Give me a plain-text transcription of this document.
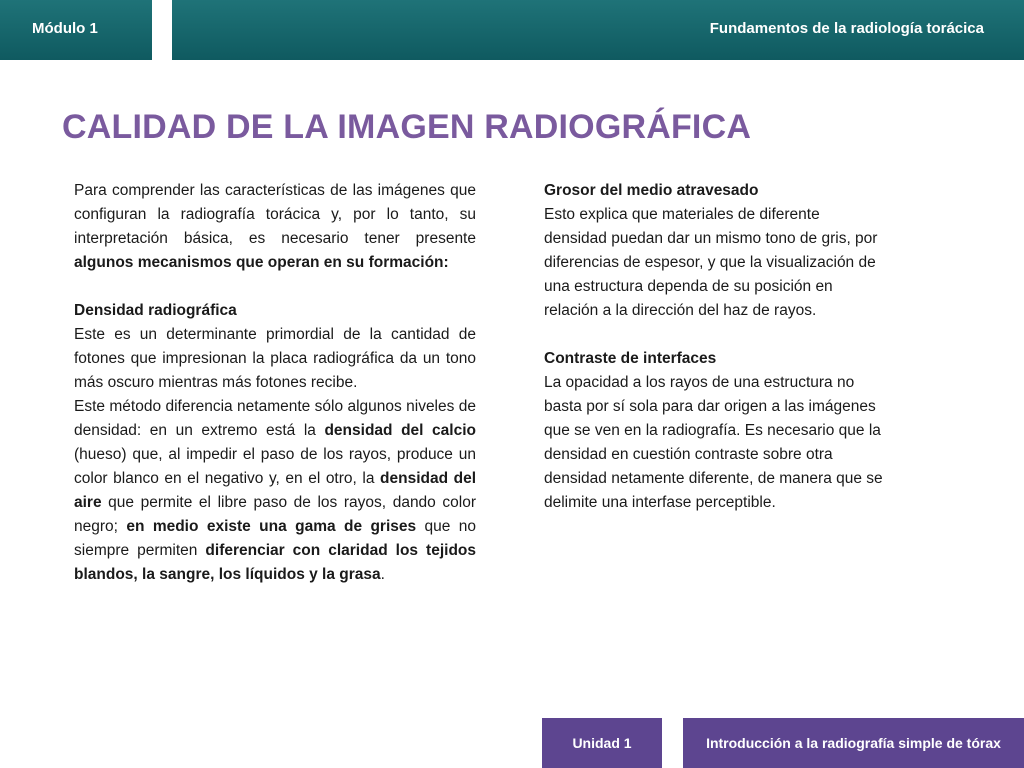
Módulo 1	Fundamentos de la radiología torácica
CALIDAD DE LA IMAGEN RADIOGRÁFICA

Para comprender las características de las imágenes que configuran la radiografía torácica y, por lo tanto, su interpretación básica, es necesario tener presente algunos mecanismos que operan en su formación:

Densidad radiográfica

Este es un determinante primordial de la cantidad de fotones que impresionan la placa radiográfica da un tono más oscuro mientras más fotones recibe.

Este método diferencia netamente sólo algunos niveles de densidad: en un extremo está la densidad del calcio (hueso) que, al impedir el paso de los rayos, produce un color blanco en el negativo y, en el otro, la densidad del aire que permite el libre paso de los rayos, dando color negro; en medio existe una gama de grises que no siempre permiten diferenciar con claridad los tejidos blandos, la sangre, los líquidos y la grasa.

Grosor del medio atravesado

Esto explica que materiales de diferente densidad puedan dar un mismo tono de gris, por diferencias de espesor, y que la visualización de una estructura dependa de su posición en relación a la dirección del haz de rayos.

Contraste de interfaces

La opacidad a los rayos de una estructura no basta por sí sola para dar origen a las imágenes que se ven en la radiografía. Es necesario que la densidad en cuestión contraste sobre otra densidad netamente diferente, de manera que se delimite una interfase perceptible.

Unidad 1	Introducción a la radiografía simple de tórax
